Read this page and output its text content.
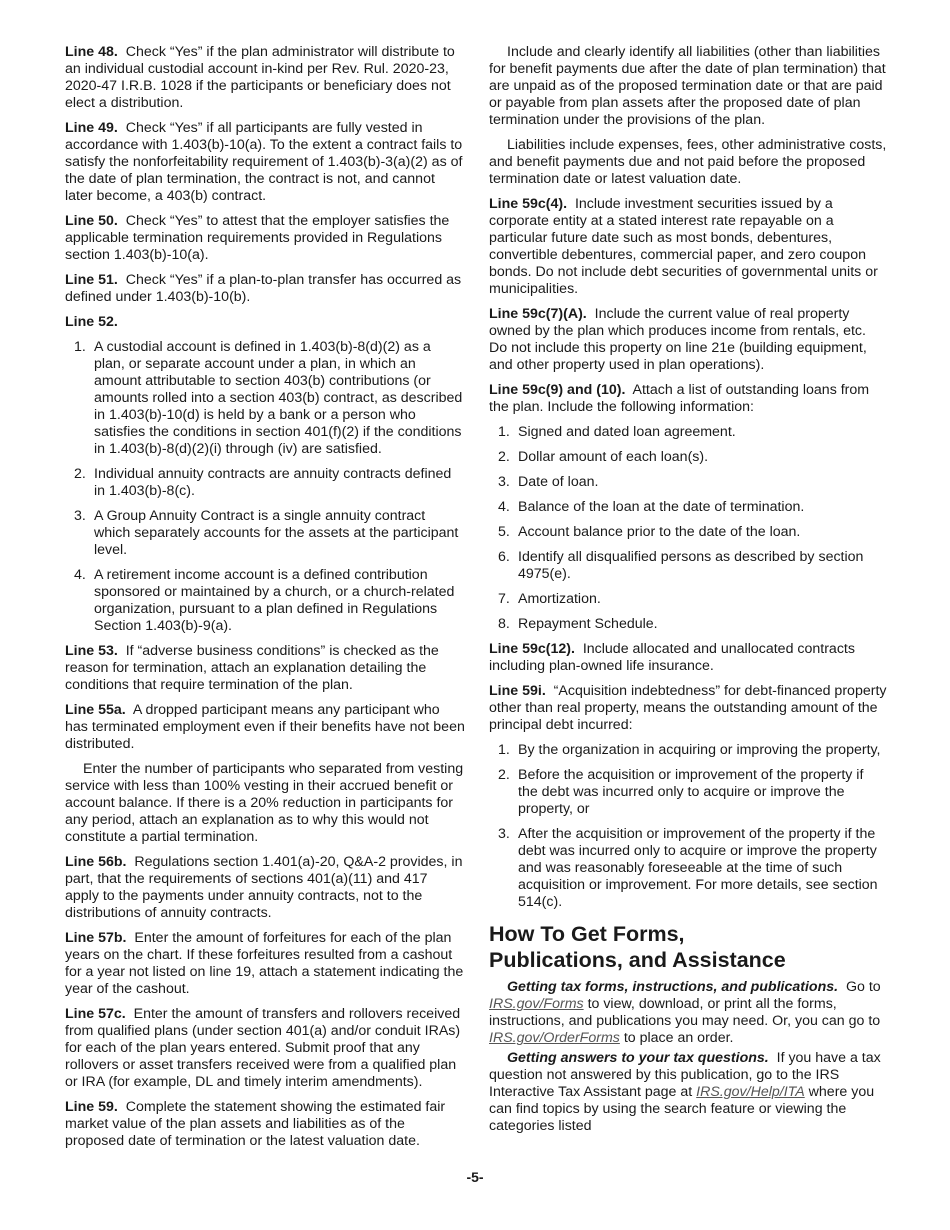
Line 48. Check “Yes” if the plan administrator will distribute to an individual custodial account in-kind per Rev. Rul. 2020-23, 2020-47 I.R.B. 1028 if the participants or beneficiary does not elect a distribution.

Line 49. Check “Yes” if all participants are fully vested in accordance with 1.403(b)-10(a). To the extent a contract fails to satisfy the nonforfeitability requirement of 1.403(b)-3(a)(2) as of the date of plan termination, the contract is not, and cannot later become, a 403(b) contract.

Line 50. Check “Yes” to attest that the employer satisfies the applicable termination requirements provided in Regulations section 1.403(b)-10(a).

Line 51. Check “Yes” if a plan-to-plan transfer has occurred as defined under 1.403(b)-10(b).

Line 52.

1. A custodial account is defined in 1.403(b)-8(d)(2) as a plan, or separate account under a plan, in which an amount attributable to section 403(b) contributions (or amounts rolled into a section 403(b) contract, as described in 1.403(b)-10(d) is held by a bank or a person who satisfies the conditions in section 401(f)(2) if the conditions in 1.403(b)-8(d)(2)(i) through (iv) are satisfied.
2. Individual annuity contracts are annuity contracts defined in 1.403(b)-8(c).
3. A Group Annuity Contract is a single annuity contract which separately accounts for the assets at the participant level.
4. A retirement income account is a defined contribution sponsored or maintained by a church, or a church-related organization, pursuant to a plan defined in Regulations Section 1.403(b)-9(a).

Line 53. If “adverse business conditions” is checked as the reason for termination, attach an explanation detailing the conditions that require termination of the plan.

Line 55a. A dropped participant means any participant who has terminated employment even if their benefits have not been distributed.

Enter the number of participants who separated from vesting service with less than 100% vesting in their accrued benefit or account balance. If there is a 20% reduction in participants for any period, attach an explanation as to why this would not constitute a partial termination.

Line 56b. Regulations section 1.401(a)-20, Q&A-2 provides, in part, that the requirements of sections 401(a)(11) and 417 apply to the payments under annuity contracts, not to the distributions of annuity contracts.

Line 57b. Enter the amount of forfeitures for each of the plan years on the chart. If these forfeitures resulted from a cashout for a year not listed on line 19, attach a statement indicating the year of the cashout.

Line 57c. Enter the amount of transfers and rollovers received from qualified plans (under section 401(a) and/or conduit IRAs) for each of the plan years entered. Submit proof that any rollovers or asset transfers received were from a qualified plan or IRA (for example, DL and timely interim amendments).

Line 59. Complete the statement showing the estimated fair market value of the plan assets and liabilities as of the proposed date of termination or the latest valuation date.

Include and clearly identify all liabilities (other than liabilities for benefit payments due after the date of plan termination) that are unpaid as of the proposed termination date or that are paid or payable from plan assets after the proposed date of plan termination under the provisions of the plan.

Liabilities include expenses, fees, other administrative costs, and benefit payments due and not paid before the proposed termination date or latest valuation date.

Line 59c(4). Include investment securities issued by a corporate entity at a stated interest rate repayable on a particular future date such as most bonds, debentures, convertible debentures, commercial paper, and zero coupon bonds. Do not include debt securities of governmental units or municipalities.

Line 59c(7)(A). Include the current value of real property owned by the plan which produces income from rentals, etc. Do not include this property on line 21e (building equipment, and other property used in plan operations).

Line 59c(9) and (10). Attach a list of outstanding loans from the plan. Include the following information:

1. Signed and dated loan agreement.
2. Dollar amount of each loan(s).
3. Date of loan.
4. Balance of the loan at the date of termination.
5. Account balance prior to the date of the loan.
6. Identify all disqualified persons as described by section 4975(e).
7. Amortization.
8. Repayment Schedule.

Line 59c(12). Include allocated and unallocated contracts including plan-owned life insurance.

Line 59i. “Acquisition indebtedness” for debt-financed property other than real property, means the outstanding amount of the principal debt incurred:

1. By the organization in acquiring or improving the property,
2. Before the acquisition or improvement of the property if the debt was incurred only to acquire or improve the property, or
3. After the acquisition or improvement of the property if the debt was incurred only to acquire or improve the property and was reasonably foreseeable at the time of such acquisition or improvement. For more details, see section 514(c).
How To Get Forms,
Publications, and Assistance

Getting tax forms, instructions, and publications. Go to IRS.gov/Forms to view, download, or print all the forms, instructions, and publications you may need. Or, you can go to IRS.gov/OrderForms to place an order.

Getting answers to your tax questions. If you have a tax question not answered by this publication, go to the IRS Interactive Tax Assistant page at IRS.gov/Help/ITA where you can find topics by using the search feature or viewing the categories listed

-5-
